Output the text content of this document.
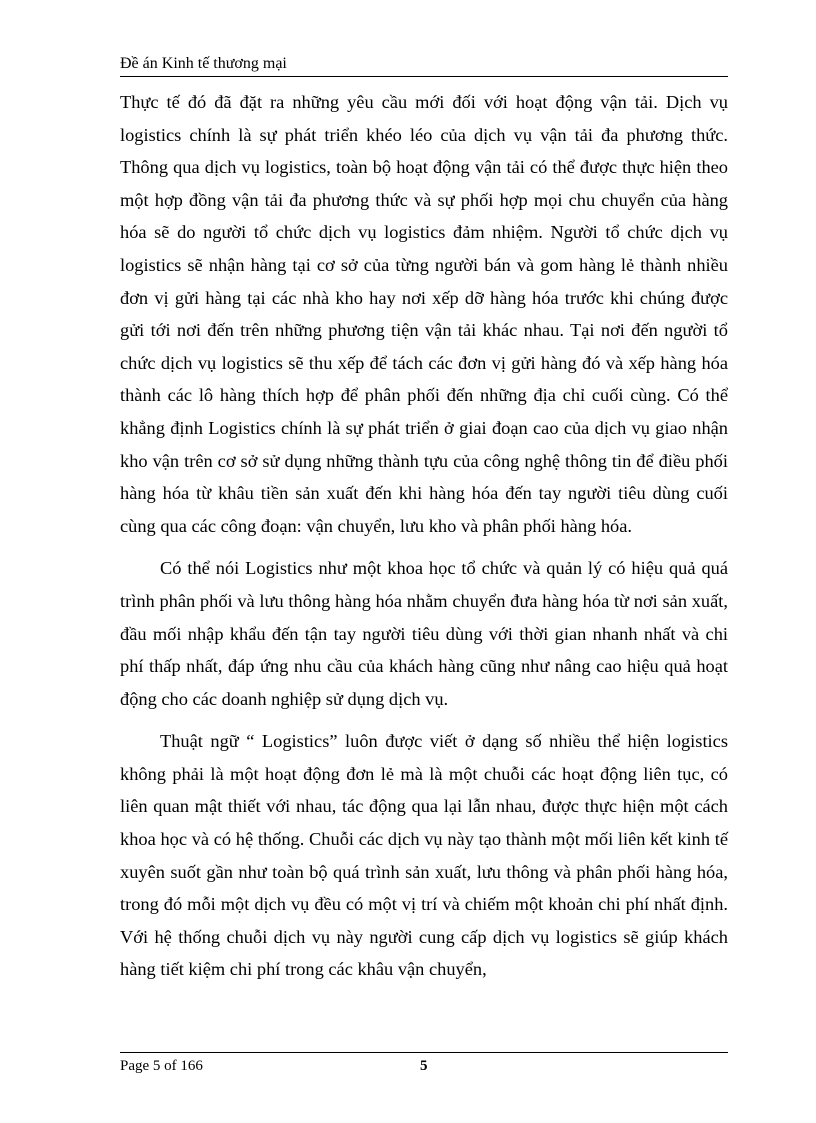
Đề án Kinh tế thương mại

Thực tế đó đã đặt ra những yêu cầu mới đối với hoạt động vận tải. Dịch vụ logistics chính là sự phát triển khéo léo của dịch vụ vận tải đa phương thức. Thông qua dịch vụ logistics, toàn bộ hoạt động vận tải có thể được thực hiện theo một hợp đồng vận tải đa phương thức và sự phối hợp mọi chu chuyển của hàng hóa sẽ do người tổ chức dịch vụ logistics đảm nhiệm. Người tổ chức dịch vụ logistics sẽ nhận hàng tại cơ sở của từng người bán và gom hàng lẻ thành nhiều đơn vị gửi hàng tại các nhà kho hay nơi xếp dỡ hàng hóa trước khi chúng được gửi tới nơi đến trên những phương tiện vận tải khác nhau. Tại nơi đến người tổ chức dịch vụ logistics sẽ thu xếp để tách các đơn vị gửi hàng đó và xếp hàng hóa thành các lô hàng thích hợp để phân phối đến những địa chỉ cuối cùng. Có thể khẳng định Logistics chính là sự phát triển ở giai đoạn cao của dịch vụ giao nhận kho vận trên cơ sở sử dụng những thành tựu của công nghệ thông tin để điều phối hàng hóa từ khâu tiền sản xuất đến khi hàng hóa đến tay người tiêu dùng cuối cùng qua các công đoạn: vận chuyển, lưu kho và phân phối hàng hóa.

Có thể nói Logistics như một khoa học tổ chức và quản lý có hiệu quả quá trình phân phối và lưu thông hàng hóa nhằm chuyển đưa hàng hóa từ nơi sản xuất, đầu mối nhập khẩu đến tận tay người tiêu dùng với thời gian nhanh nhất và chi phí thấp nhất, đáp ứng nhu cầu của khách hàng cũng như nâng cao hiệu quả hoạt động cho các doanh nghiệp sử dụng dịch vụ.

Thuật ngữ “ Logistics” luôn được viết ở dạng số nhiều thể hiện logistics không phải là một hoạt động đơn lẻ mà là một chuỗi các hoạt động liên tục, có liên quan mật thiết với nhau, tác động qua lại lẫn nhau, được thực hiện một cách khoa học và có hệ thống. Chuỗi các dịch vụ này tạo thành một mối liên kết kinh tế xuyên suốt gần như toàn bộ quá trình sản xuất, lưu thông và phân phối hàng hóa, trong đó mỗi một dịch vụ đều có một vị trí và chiếm một khoản chi phí nhất định. Với hệ thống chuỗi dịch vụ này người cung cấp dịch vụ logistics sẽ giúp khách hàng tiết kiệm chi phí trong các khâu vận chuyển,

Page 5 of 166	5
